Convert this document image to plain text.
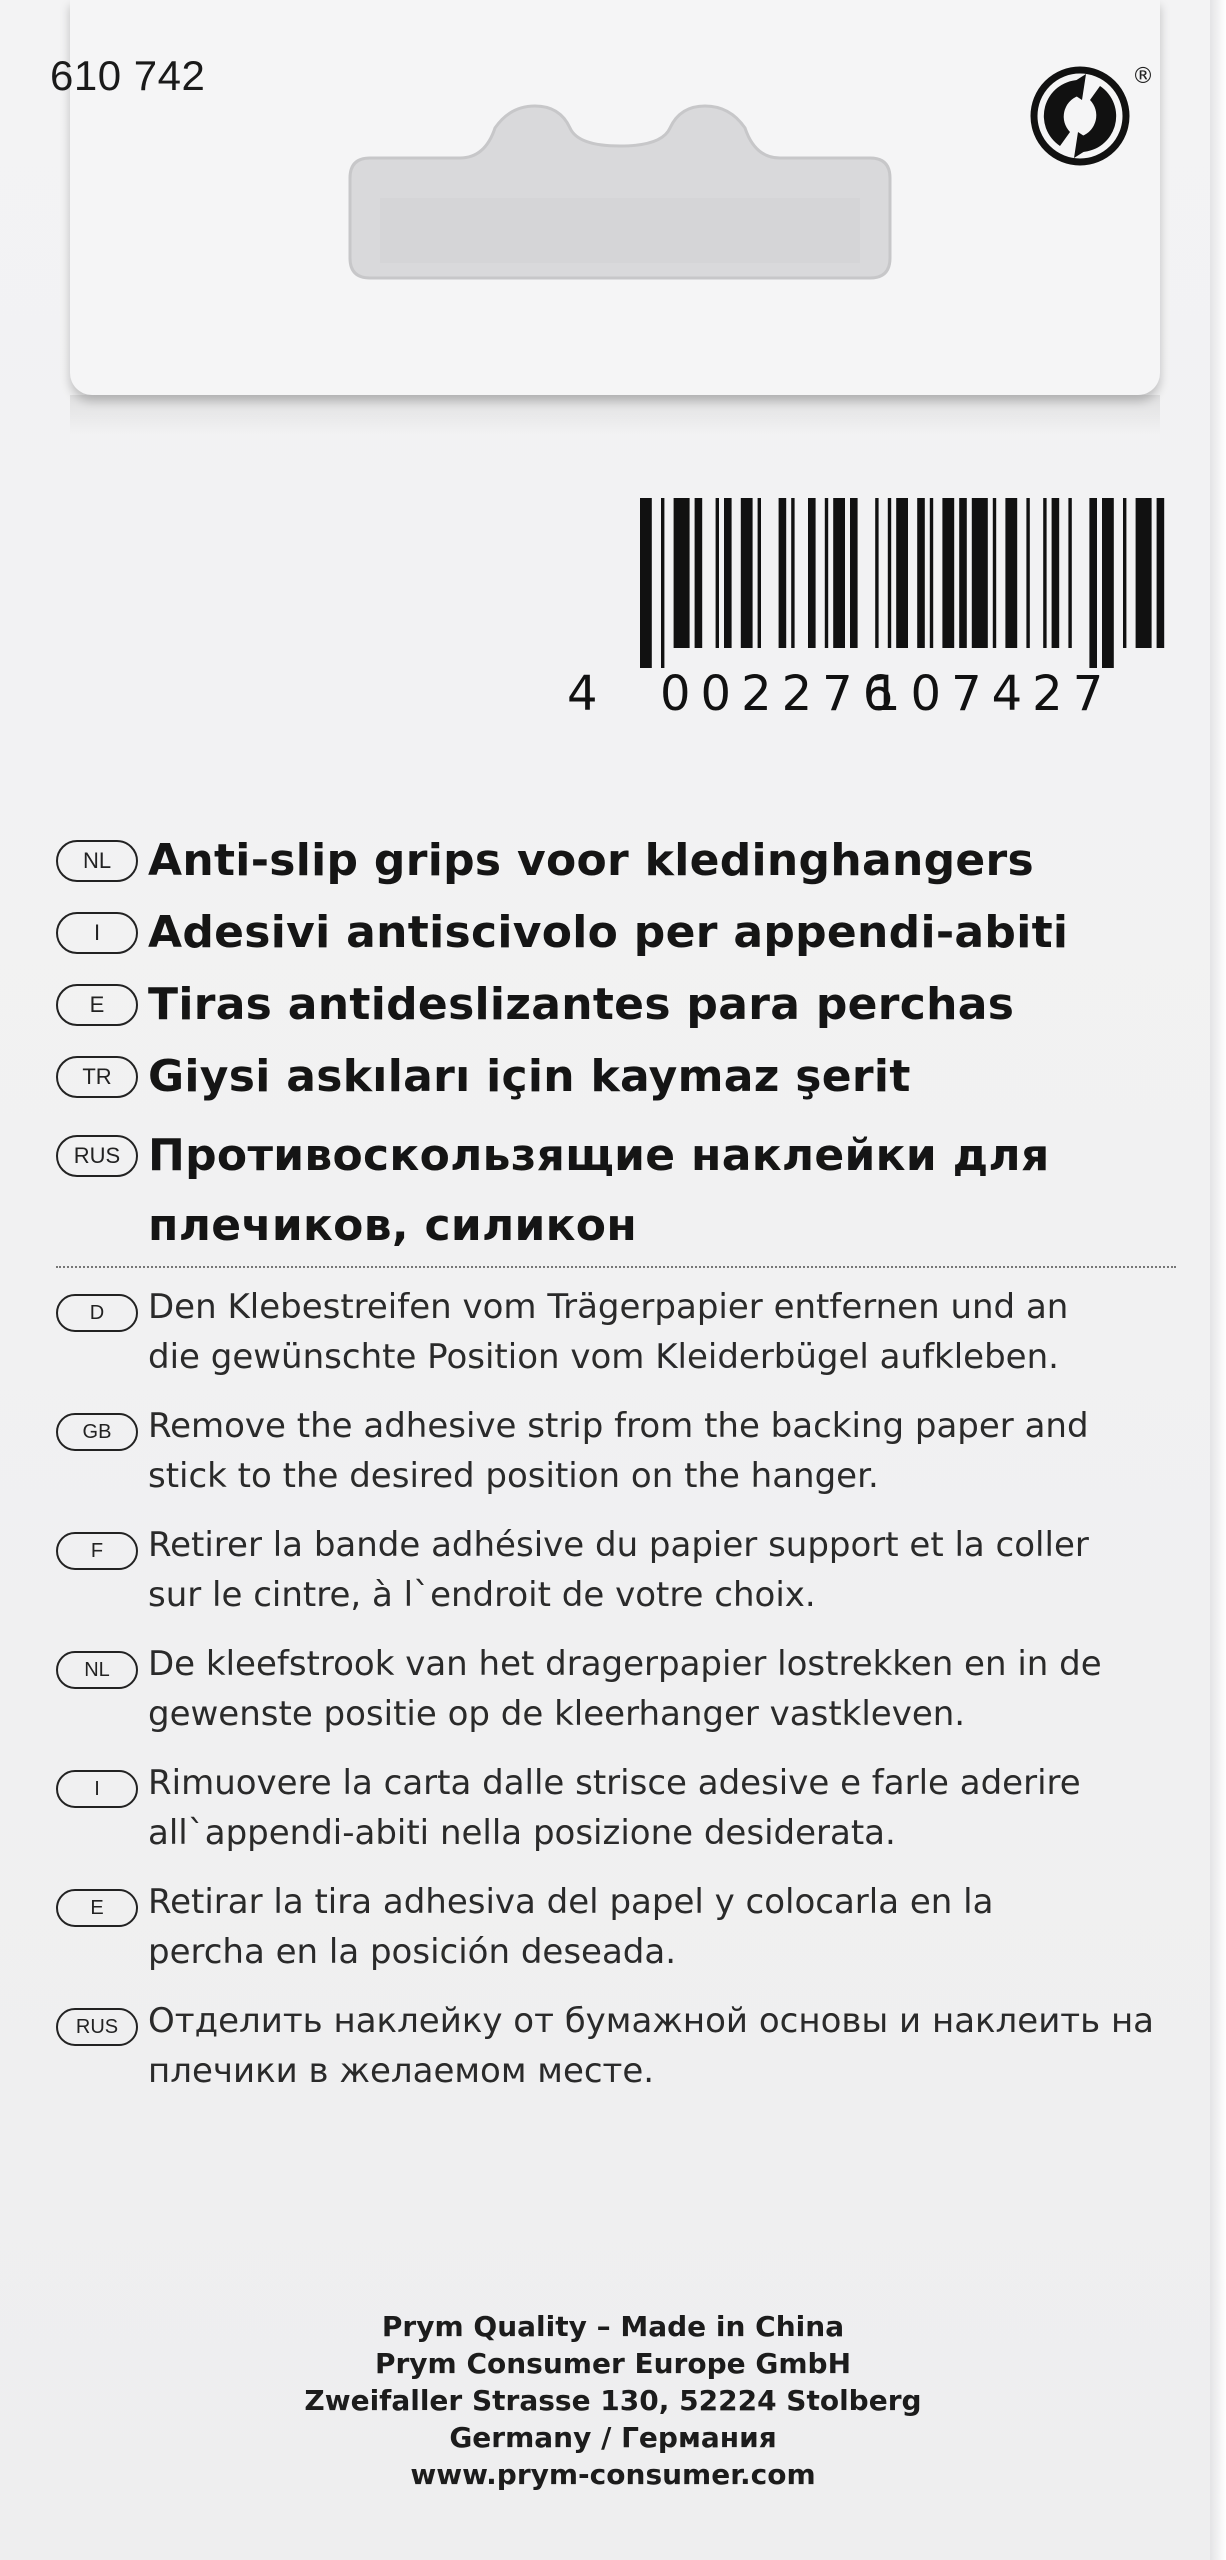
610 742	®
4 002276
107427
NL Anti-slip grips voor kledinghangers
I	Adesivi antiscivolo per appendi-abiti
E Tiras antideslizantes para perchas
TR Giysi askıları için kaymaz şerit
RUS Противоскользящие наклейки для
плечиков, силикон
D	Den Klebestreifen vom Trägerpapier entfernen und an
die gewünschte Position vom Kleiderbügel aufkleben.
GB	Remove the adhesive strip from the backing paper and
stick to the desired position on the hanger.
F	Retirer la bande adhésive du papier support et la coller
sur le cintre, à l`endroit de votre choix.
NL	De kleefstrook van het dragerpapier lostrekken en in de
gewenste positie op de kleerhanger vastkleven.
I	Rimuovere la carta dalle strisce adesive e farle aderire
all`appendi-abiti nella posizione desiderata.
E	Retirar la tira adhesiva del papel y colocarla en la
percha en la posición deseada.
RUS Отделить наклейку от бумажной основы и наклеить на
плечики в желаемом месте.
Prym Quality – Made in China
Prym Consumer Europe GmbH
Zweifaller Strasse 130, 52224 Stolberg
Germany / Германия
www.prym-consumer.com
